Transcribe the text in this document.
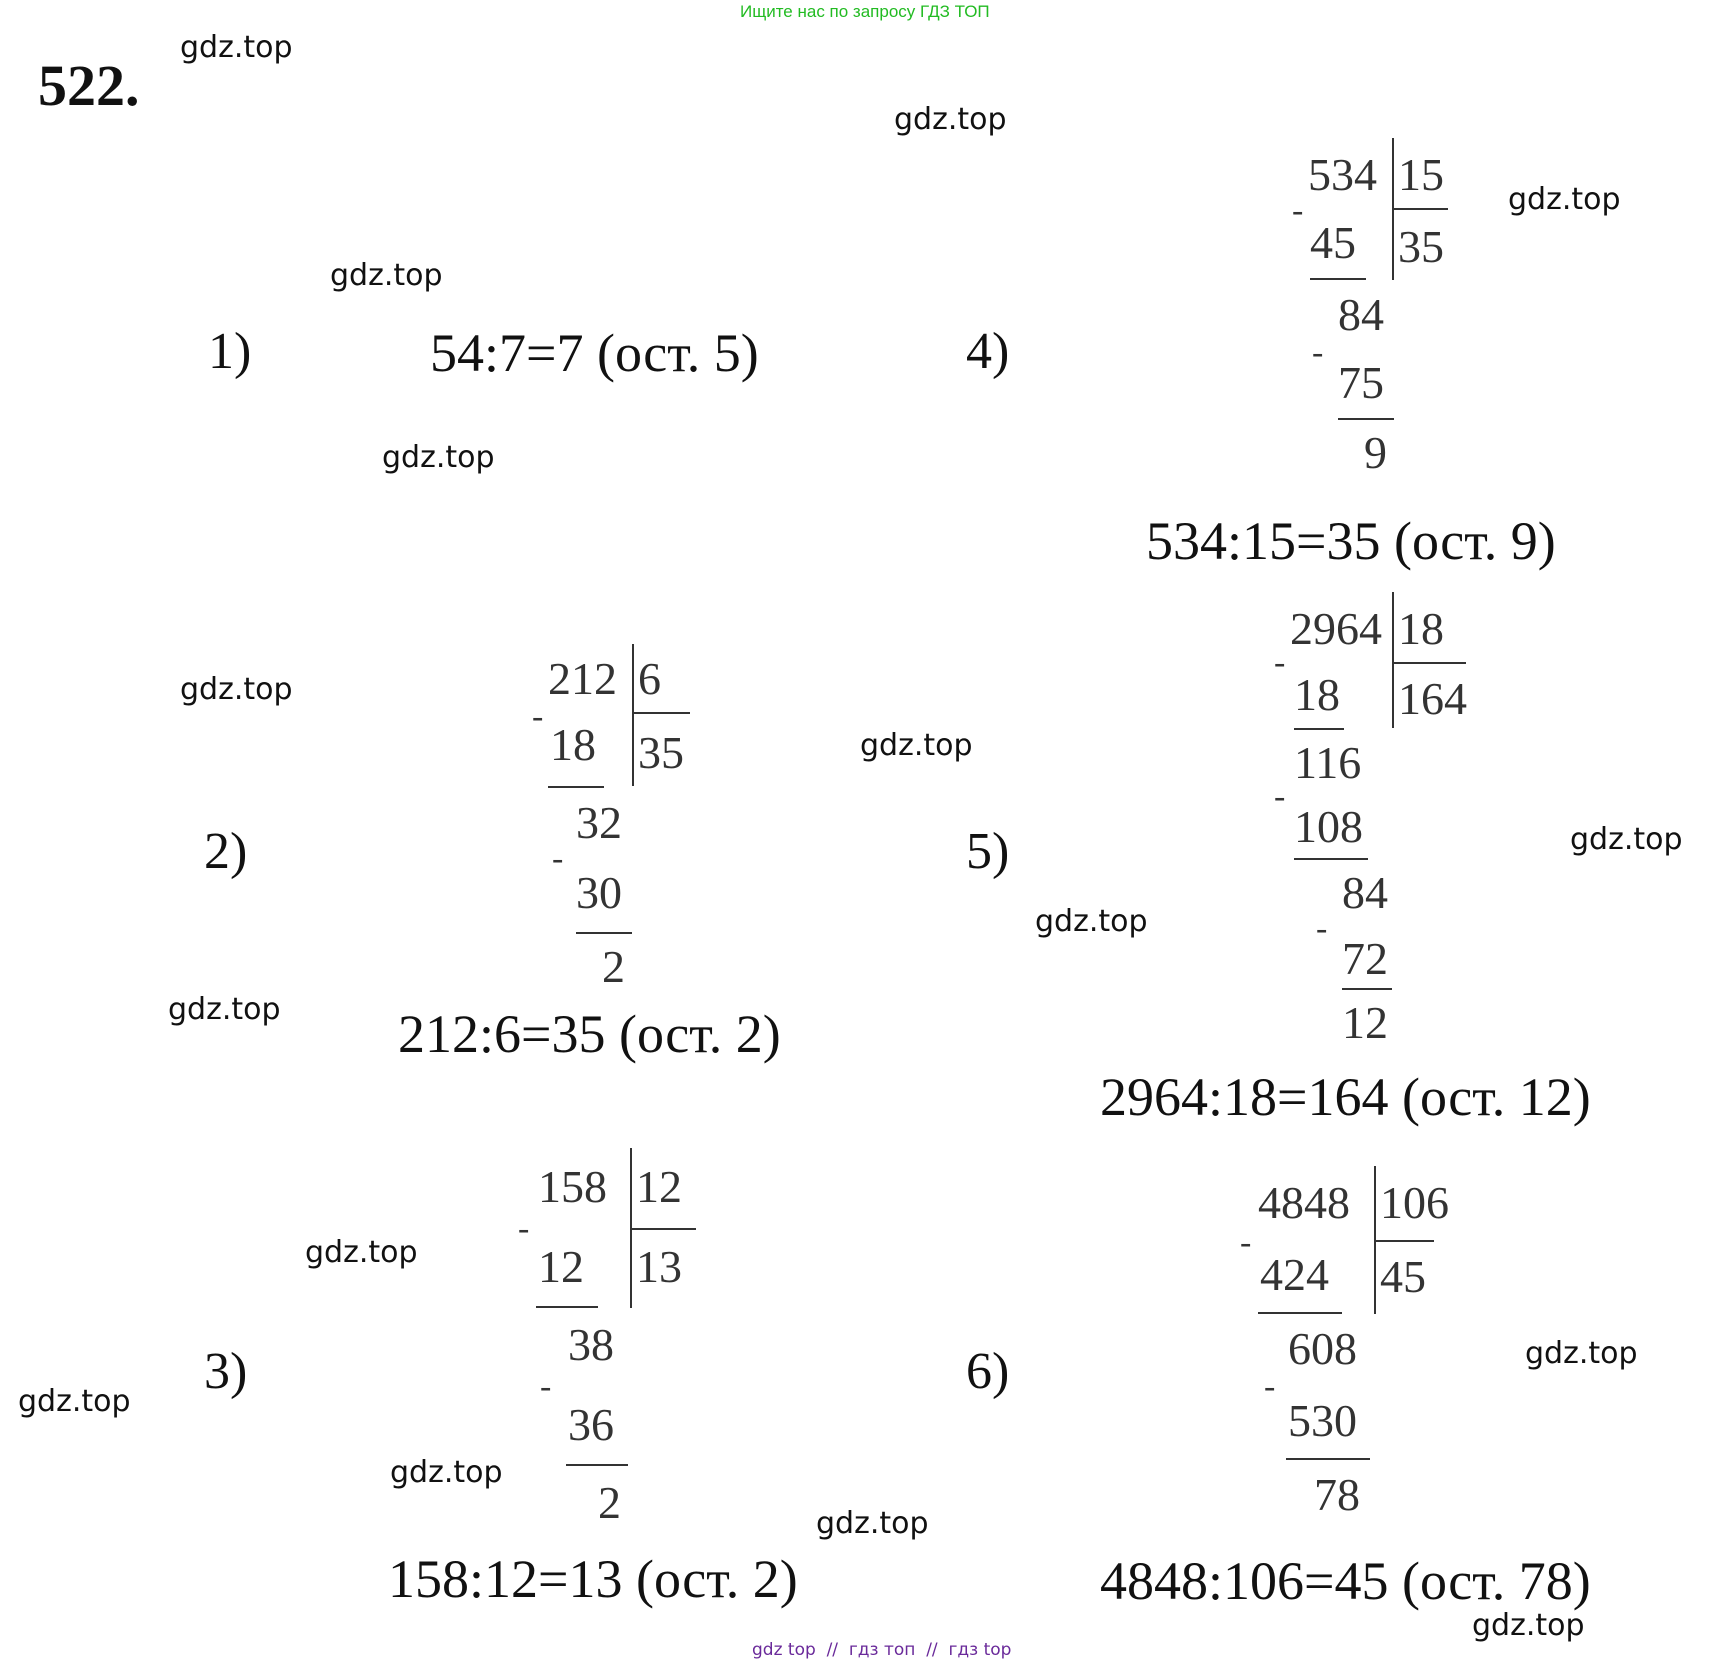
Ищите нас по запросу ГДЗ ТОП
522.
gdz.top
gdz.top
gdz.top
gdz.top
gdz.top
gdz.top
gdz.top
gdz.top
gdz.top
gdz.top
gdz.top
gdz.top
gdz.top
gdz.top
gdz.top
gdz.top
1)
2)
3)
4)
5)
6)
54:7=7 (ост. 5)
212:6=35 (ост. 2)
158:12=13 (ост. 2)
534:15=35 (ост. 9)
2964:18=164 (ост. 12)
4848:106=45 (ост. 78)
212 6
35
-
18
32
-
30
2
158 12
13
-
12
38
-
36
2
534 15
35
-
45
84
-
75
9
2964 18
164
-
18
116
-
108
84
-
72
12
4848 106
45
-
424
608
-
530
78
gdz top  //  гдз топ  //  гдз top
